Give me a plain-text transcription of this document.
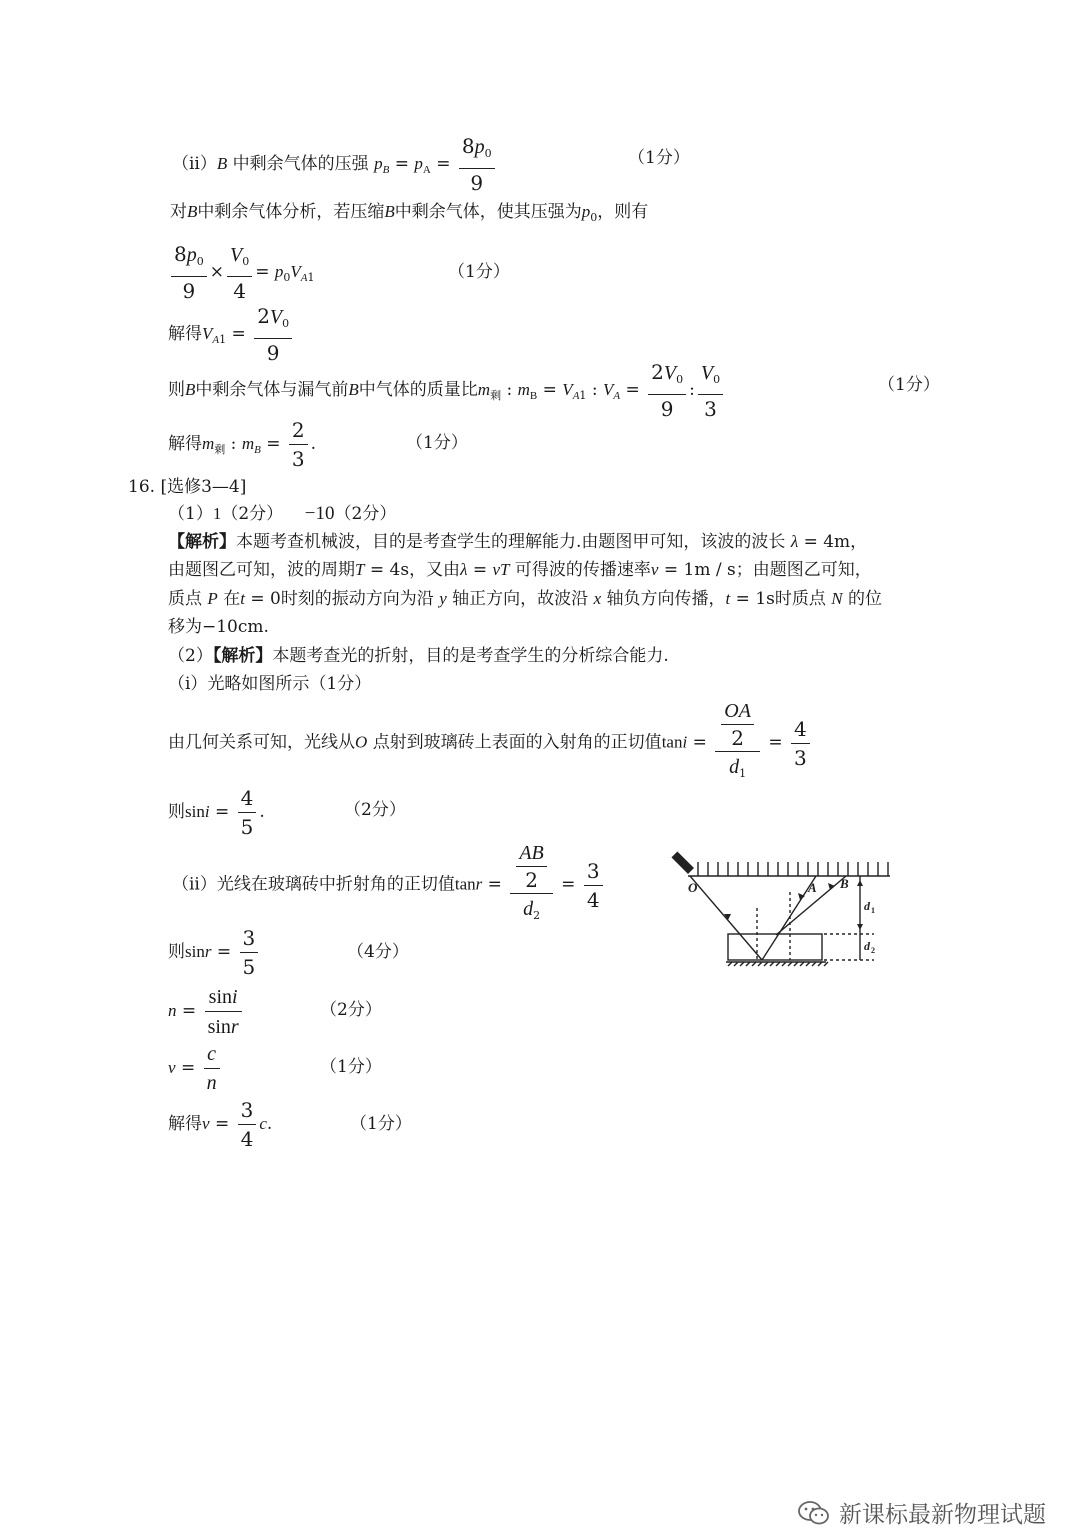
（ii）B 中剩余气体的压强 $p_B = p_A = \frac{8p_0}{9}$	（1分）
对B中剩余气体分析，若压缩B中剩余气体，使其压强为$p_0$，则有
$\frac{8p_0}{9} \times \frac{V_0}{4} = p_0V_{A1}$	（1分）
解得$V_{A1} = \frac{2V_0}{9}$
则B中剩余气体与漏气前B中气体的质量比$m_剩$ : $m_B = V_{A1}$ : $V_A = \frac{2V_0}{9}$ : $\frac{V_0}{3}$	（1分）
解得$m_剩$ : $m_B = \frac{2}{3}$ .	（1分）
16. [选修3—4]
（1）1（2分） −10（2分）
【解析】本题考查机械波，目的是考查学生的理解能力.由题图甲可知，该波的波长 λ = 4m，
由题图乙可知，波的周期T = 4s，又由λ = vT 可得波的传播速率v = 1m / s；由题图乙可知，
质点 P 在t = 0时刻的振动方向为沿 y 轴正方向，故波沿 x 轴负方向传播，t = 1s时质点 N 的位
移为−10cm.
（2）【解析】本题考查光的折射，目的是考查学生的分析综合能力.
（i）光略如图所示（1分）
由几何关系可知，光线从O 点射到玻璃砖上表面的入射角的正切值$\tan i = \frac{\frac{OA}{2}}{d_1} = \frac{4}{3}$
则$\sin i = \frac{4}{5}$ .	（2分）
（ii）光线在玻璃砖中折射角的正切值$\tan r = \frac{\frac{AB}{2}}{d_2} = \frac{3}{4}$
则$\sin r = \frac{3}{5}$	（4分）
$n = \frac{\sin i}{\sin r}$	（2分）
$v = \frac{c}{n}$	（1分）
解得$v = \frac{3}{4} c$.	（1分）
O	A B
d 1
d 2
新课标最新物理试题
